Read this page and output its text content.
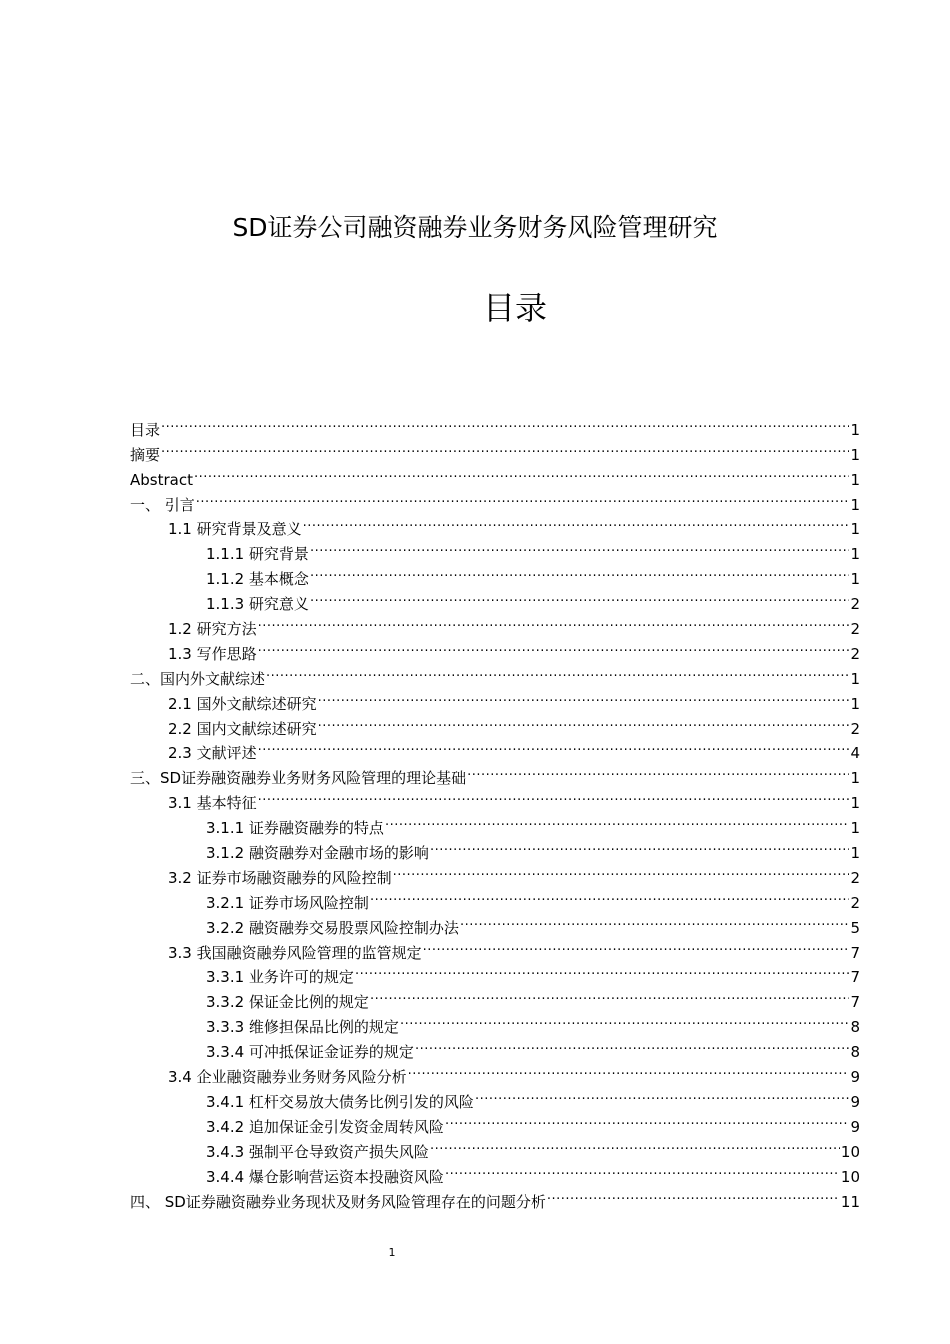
SD证券公司融资融券业务财务风险管理研究
目录
目录 .....	1
摘要 .....	1
Abstract .....	1
一、 引言 .....	1
1.1 研究背景及意义 .....	1
1.1.1 研究背景 .....	1
1.1.2 基本概念 .....	1
1.1.3 研究意义 .....	2
1.2 研究方法 .....	2
1.3 写作思路 .....	2
二、国内外文献综述 .....	1
2.1 国外文献综述研究 .....	1
2.2 国内文献综述研究 .....	2
2.3 文献评述 .....	4
三、SD证券融资融券业务财务风险管理的理论基础 .....	1
3.1 基本特征 .....	1
3.1.1 证券融资融券的特点 .....	1
3.1.2 融资融券对金融市场的影响 .....	1
3.2 证券市场融资融券的风险控制 .....	2
3.2.1 证券市场风险控制 .....	2
3.2.2 融资融券交易股票风险控制办法 .....	5
3.3 我国融资融券风险管理的监管规定 .....	7
3.3.1 业务许可的规定 .....	7
3.3.2 保证金比例的规定 .....	7
3.3.3 维修担保品比例的规定 .....	8
3.3.4 可冲抵保证金证券的规定 .....	8
3.4 企业融资融券业务财务风险分析 .....	9
3.4.1 杠杆交易放大债务比例引发的风险 .....	9
3.4.2 追加保证金引发资金周转风险 .....	9
3.4.3 强制平仓导致资产损失风险 .....	10
3.4.4 爆仓影响营运资本投融资风险 .....	10
四、 SD证券融资融券业务现状及财务风险管理存在的问题分析 .....	11
1
